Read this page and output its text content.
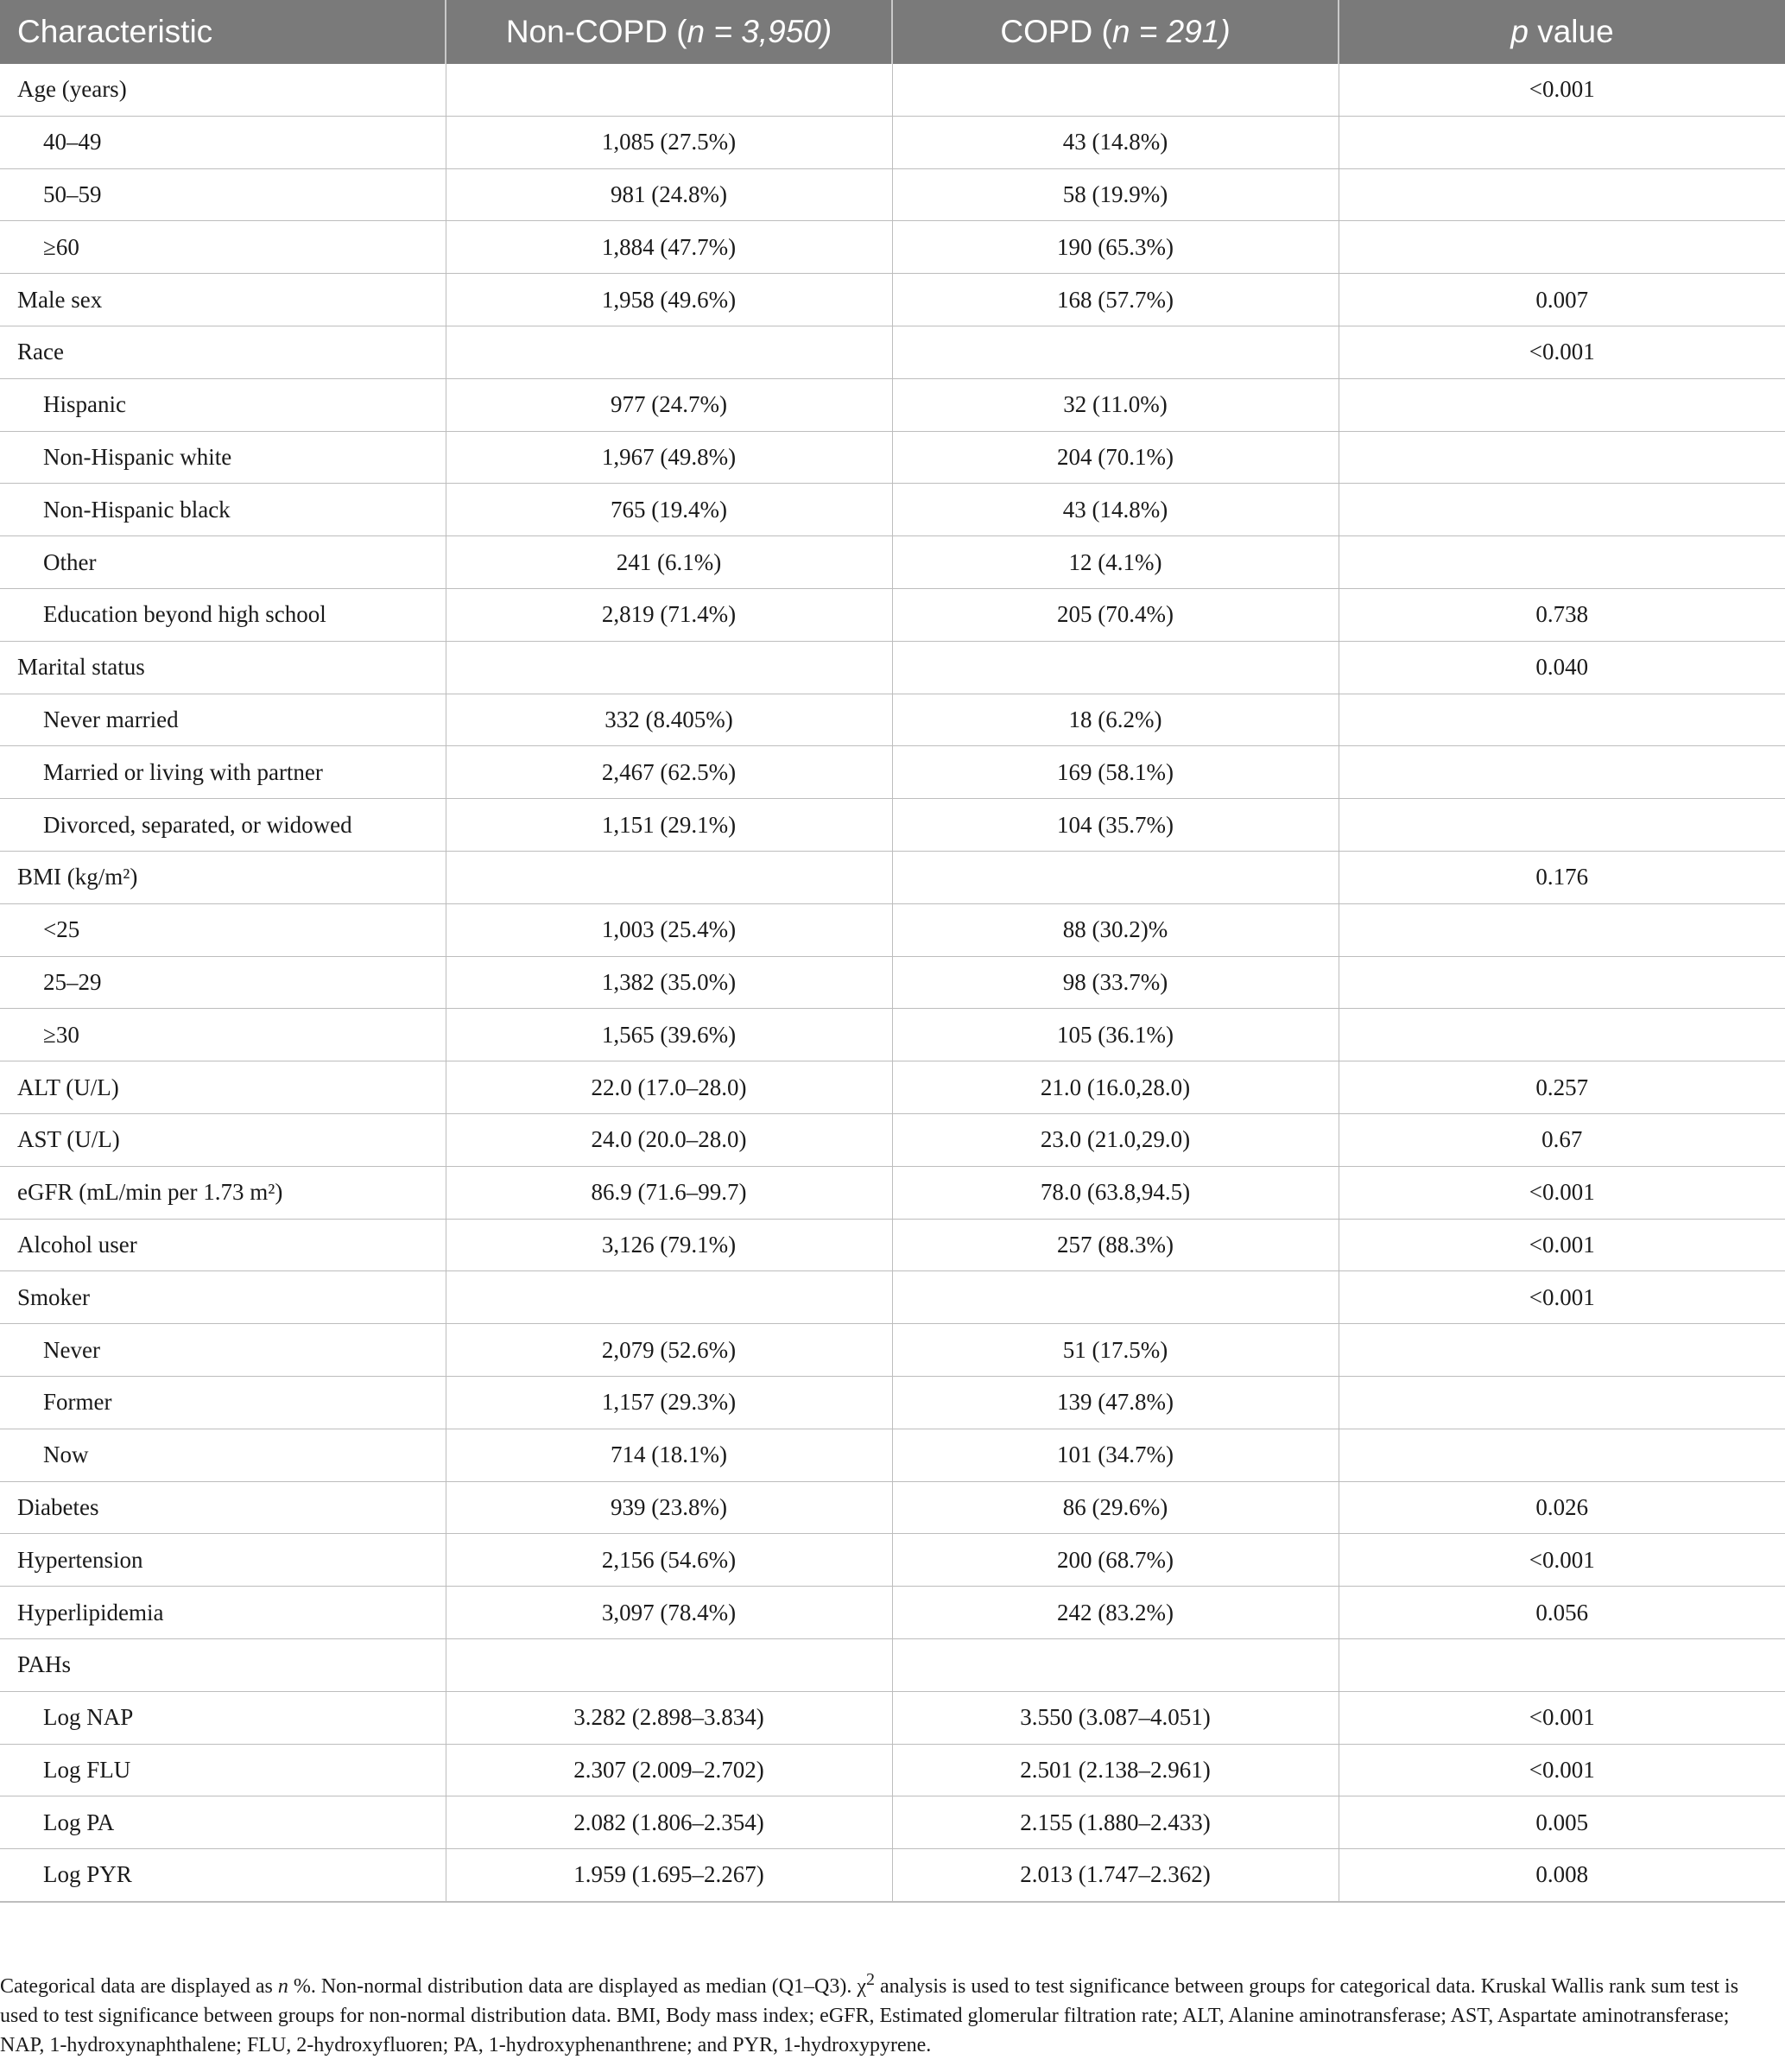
Characteristic	Non-COPD (n = 3,950)	COPD (n = 291)	p value
Age (years)			<0.001
40–49	1,085 (27.5%)	43 (14.8%)	
50–59	981 (24.8%)	58 (19.9%)	
≥60	1,884 (47.7%)	190 (65.3%)	
Male sex	1,958 (49.6%)	168 (57.7%)	0.007
Race			<0.001
Hispanic	977 (24.7%)	32 (11.0%)	
Non-Hispanic white	1,967 (49.8%)	204 (70.1%)	
Non-Hispanic black	765 (19.4%)	43 (14.8%)	
Other	241 (6.1%)	12 (4.1%)	
Education beyond high school	2,819 (71.4%)	205 (70.4%)	0.738
Marital status			0.040
Never married	332 (8.405%)	18 (6.2%)	
Married or living with partner	2,467 (62.5%)	169 (58.1%)	
Divorced, separated, or widowed	1,151 (29.1%)	104 (35.7%)	
BMI (kg/m²)			0.176
<25	1,003 (25.4%)	88 (30.2)%	
25–29	1,382 (35.0%)	98 (33.7%)	
≥30	1,565 (39.6%)	105 (36.1%)	
ALT (U/L)	22.0 (17.0–28.0)	21.0 (16.0,28.0)	0.257
AST (U/L)	24.0 (20.0–28.0)	23.0 (21.0,29.0)	0.67
eGFR (mL/min per 1.73 m²)	86.9 (71.6–99.7)	78.0 (63.8,94.5)	<0.001
Alcohol user	3,126 (79.1%)	257 (88.3%)	<0.001
Smoker			<0.001
Never	2,079 (52.6%)	51 (17.5%)	
Former	1,157 (29.3%)	139 (47.8%)	
Now	714 (18.1%)	101 (34.7%)	
Diabetes	939 (23.8%)	86 (29.6%)	0.026
Hypertension	2,156 (54.6%)	200 (68.7%)	<0.001
Hyperlipidemia	3,097 (78.4%)	242 (83.2%)	0.056
PAHs			
Log NAP	3.282 (2.898–3.834)	3.550 (3.087–4.051)	<0.001
Log FLU	2.307 (2.009–2.702)	2.501 (2.138–2.961)	<0.001
Log PA	2.082 (1.806–2.354)	2.155 (1.880–2.433)	0.005
Log PYR	1.959 (1.695–2.267)	2.013 (1.747–2.362)	0.008
Categorical data are displayed as n %. Non-normal distribution data are displayed as median (Q1–Q3). $\chi^2$ analysis is used to test significance between groups for categorical data. Kruskal Wallis rank sum test is used to test significance between groups for non-normal distribution data. BMI, Body mass index; eGFR, Estimated glomerular filtration rate; ALT, Alanine aminotransferase; AST, Aspartate aminotransferase; NAP, 1-hydroxynaphthalene; FLU, 2-hydroxyfluoren; PA, 1-hydroxyphenanthrene; and PYR, 1-hydroxypyrene.
